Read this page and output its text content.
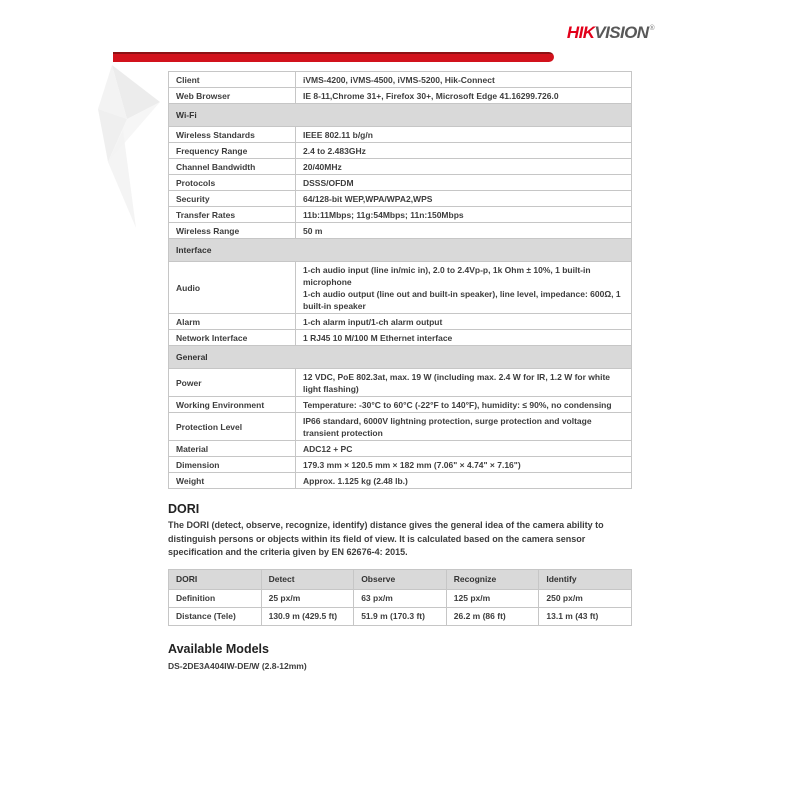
HIKVISION®
Client	iVMS-4200, iVMS-4500, iVMS-5200, Hik-Connect
Web Browser	IE 8-11,Chrome 31+, Firefox 30+, Microsoft Edge 41.16299.726.0
Wi-Fi	
Wireless Standards	IEEE 802.11 b/g/n
Frequency Range	2.4 to 2.483GHz
Channel Bandwidth	20/40MHz
Protocols	DSSS/OFDM
Security	64/128-bit WEP,WPA/WPA2,WPS
Transfer Rates	11b:11Mbps; 11g:54Mbps; 11n:150Mbps
Wireless Range	50 m
Interface	
Audio	1-ch audio input (line in/mic in), 2.0 to 2.4Vp-p, 1k Ohm ± 10%, 1 built-in microphone
1-ch audio output (line out and built-in speaker), line level, impedance: 600Ω, 1 built-in speaker

Alarm	1-ch alarm input/1-ch alarm output
Network Interface	1 RJ45 10 M/100 M Ethernet interface
General	
Power	12 VDC, PoE 802.3at, max. 19 W (including max. 2.4 W for IR, 1.2 W for white light flashing)
Working Environment	Temperature: -30°C to 60°C (-22°F to 140°F), humidity: ≤ 90%, no condensing
Protection Level	IP66 standard, 6000V lightning protection, surge protection and voltage transient protection
Material	ADC12 + PC
Dimension	179.3 mm × 120.5 mm × 182 mm (7.06" × 4.74" × 7.16")
Weight	Approx. 1.125 kg (2.48 lb.)
DORI

The DORI (detect, observe, recognize, identify) distance gives the general idea of the camera ability to distinguish persons or objects within its field of view. It is calculated based on the camera sensor specification and the criteria given by EN 62676-4: 2015.

DORI	Detect	Observe	Recognize	Identify
Definition	25 px/m	63 px/m	125 px/m	250 px/m
Distance (Tele)	130.9 m (429.5 ft)	51.9 m (170.3 ft)	26.2 m (86 ft)	13.1 m (43 ft)
Available Models
DS-2DE3A404IW-DE/W (2.8-12mm)
